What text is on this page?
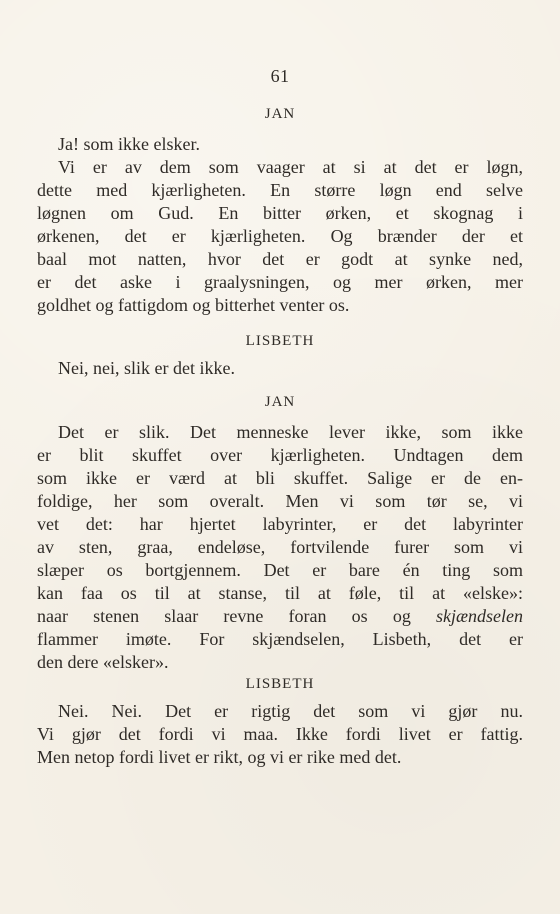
61
JAN
Ja! som ikke elsker.
Vi er av dem som vaager at si at det er løgn,
dette med kjærligheten. En større løgn end selve
løgnen om Gud. En bitter ørken, et skognag i
ørkenen, det er kjærligheten. Og brænder der et
baal mot natten, hvor det er godt at synke ned,
er det aske i graalysningen, og mer ørken, mer
goldhet og fattigdom og bitterhet venter os.
LISBETH
Nei, nei, slik er det ikke.
JAN
Det er slik. Det menneske lever ikke, som ikke
er blit skuffet over kjærligheten. Undtagen dem
som ikke er værd at bli skuffet. Salige er de en-
foldige, her som overalt. Men vi som tør se, vi
vet det: har hjertet labyrinter, er det labyrinter
av sten, graa, endeløse, fortvilende furer som vi
slæper os bortgjennem. Det er bare én ting som
kan faa os til at stanse, til at føle, til at «elske»:
naar stenen slaar revne foran os og skjændselen
flammer imøte. For skjændselen, Lisbeth, det er
den dere «elsker».
LISBETH
Nei. Nei. Det er rigtig det som vi gjør nu.
Vi gjør det fordi vi maa. Ikke fordi livet er fattig.
Men netop fordi livet er rikt, og vi er rike med det.
